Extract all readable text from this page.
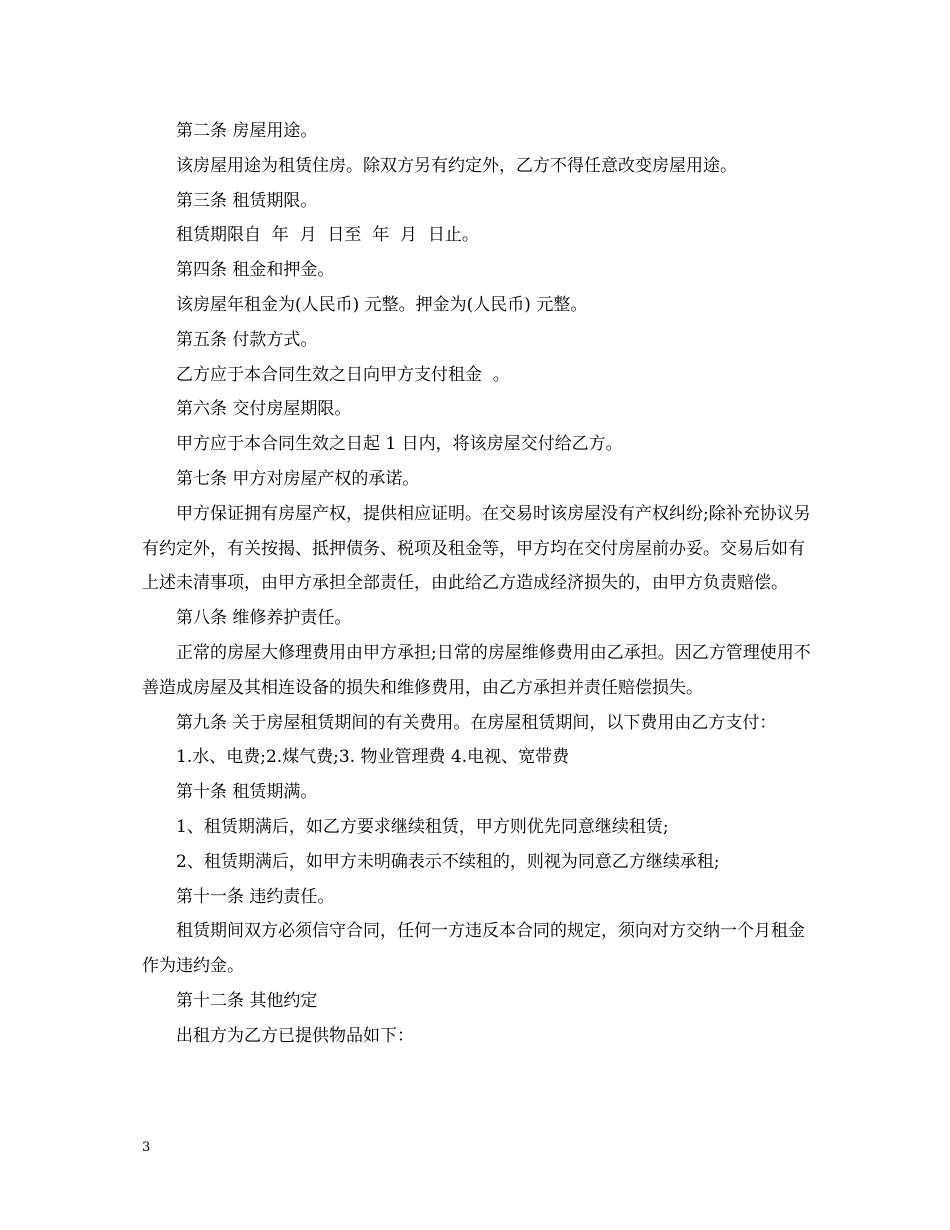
第二条 房屋用途。

该房屋用途为租赁住房。除双方另有约定外，乙方不得任意改变房屋用途。

第三条 租赁期限。

租赁期限自  年  月  日至  年  月  日止。

第四条 租金和押金。

该房屋年租金为(人民币) 元整。押金为(人民币) 元整。

第五条 付款方式。

乙方应于本合同生效之日向甲方支付租金  。

第六条 交付房屋期限。

甲方应于本合同生效之日起 1 日内，将该房屋交付给乙方。

第七条 甲方对房屋产权的承诺。

甲方保证拥有房屋产权，提供相应证明。在交易时该房屋没有产权纠纷;除补充协议另有约定外，有关按揭、抵押债务、税项及租金等，甲方均在交付房屋前办妥。交易后如有上述未清事项，由甲方承担全部责任，由此给乙方造成经济损失的，由甲方负责赔偿。

第八条 维修养护责任。

正常的房屋大修理费用由甲方承担;日常的房屋维修费用由乙承担。因乙方管理使用不善造成房屋及其相连设备的损失和维修费用，由乙方承担并责任赔偿损失。

第九条 关于房屋租赁期间的有关费用。在房屋租赁期间，以下费用由乙方支付：

1.水、电费;2.煤气费;3. 物业管理费 4.电视、宽带费

第十条 租赁期满。

1、租赁期满后，如乙方要求继续租赁，甲方则优先同意继续租赁;

2、租赁期满后，如甲方未明确表示不续租的，则视为同意乙方继续承租;

第十一条 违约责任。

租赁期间双方必须信守合同，任何一方违反本合同的规定，须向对方交纳一个月租金作为违约金。

第十二条 其他约定

出租方为乙方已提供物品如下：

3
